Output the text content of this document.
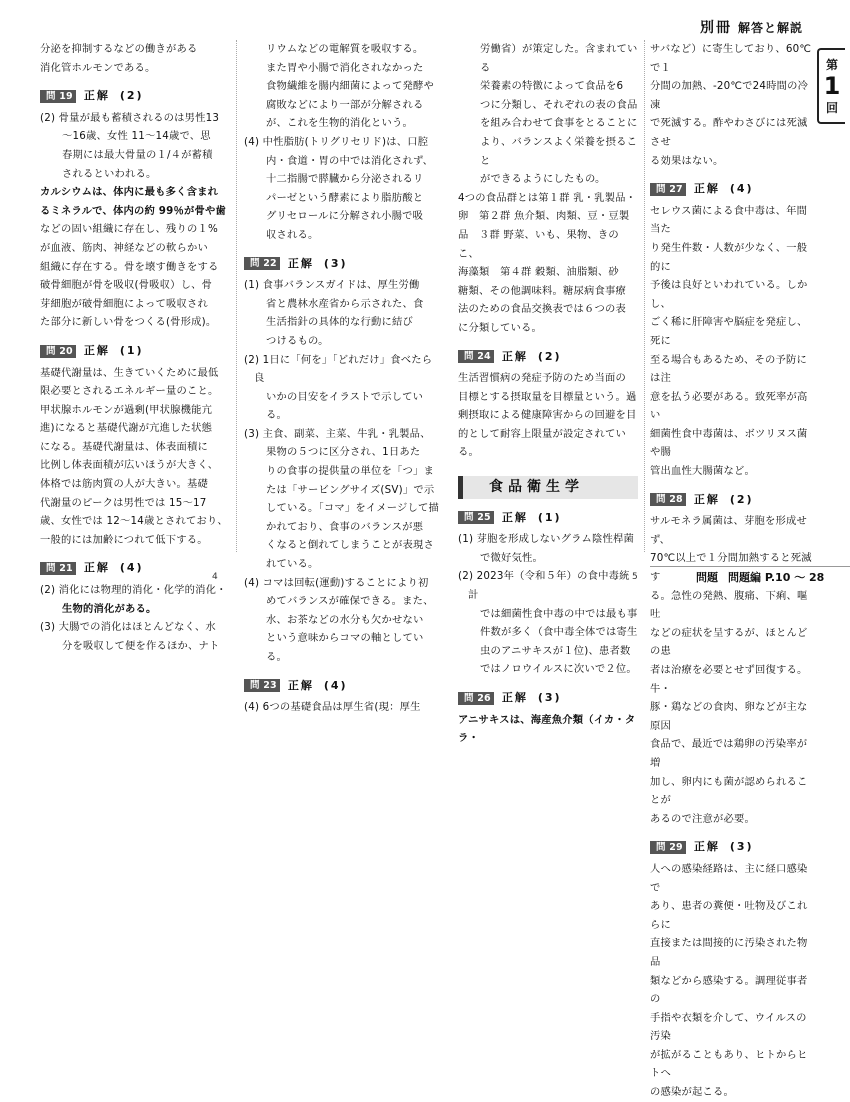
別冊 解答と解説
第
1
回

分泌を抑制するなどの働きがある

消化管ホルモンである。

問 19 正解 (2)

(2) 骨量が最も蓄積されるのは男性13

～16歳、女性 11～14歳で、思

春期には最大骨量の１/４が蓄積

されるといわれる。

カルシウムは、体内に最も多く含まれ

るミネラルで、体内の約 99％が骨や歯

などの固い組織に存在し、残りの１%

が血液、筋肉、神経などの軟らかい

組織に存在する。骨を壊す働きをする

破骨細胞が骨を吸収(骨吸収）し、骨

芽細胞が破骨細胞によって吸収され

た部分に新しい骨をつくる(骨形成)。

問 20 正解 (1)

基礎代謝量は、生きていくために最低

限必要とされるエネルギー量のこと。

甲状腺ホルモンが過剰(甲状腺機能亢

進)になると基礎代謝が亢進した状態

になる。基礎代謝量は、体表面積に

比例し体表面積が広いほうが大きく、

体格では筋肉質の人が大きい。基礎

代謝量のピークは男性では 15～17

歳、女性では 12～14歳とされており、

一般的には加齢につれて低下する。

問 21 正解 (4)

(2) 消化には物理的消化・化学的消化・

生物的消化がある。

(3) 大腸での消化はほとんどなく、水

分を吸収して便を作るほか、ナト

リウムなどの電解質を吸収する。

また胃や小腸で消化されなかった

食物繊維を腸内細菌によって発酵や

腐敗などにより一部が分解される

が、これを生物的消化という。

(4) 中性脂肪(トリグリセリド)は、口腔

内・食道・胃の中では消化されず、

十二指腸で膵臓から分泌されるリ

パーゼという酵素により脂肪酸と

グリセロールに分解され小腸で吸

収される。

問 22 正解 (3)

(1) 食事バランスガイドは、厚生労働

省と農林水産省から示された、食

生活指針の具体的な行動に結び

つけるもの。

(2) 1日に「何を」「どれだけ」食べたら良

いかの目安をイラストで示している。

(3) 主食、副菜、主菜、牛乳・乳製品、

果物の５つに区分され、1日あた

りの食事の提供量の単位を「つ」ま

たは「サービングサイズ(SV)」で示

している。「コマ」をイメージして描

かれており、食事のバランスが悪

くなると倒れてしまうことが表現さ

れている。

(4) コマは回転(運動)することにより初

めてバランスが確保できる。また、

水、お茶などの水分も欠かせない

という意味からコマの軸としている。

問 23 正解 (4)

(4) 6つの基礎食品は厚生省(現：厚生

労働省）が策定した。含まれている

栄養素の特徴によって食品を6

つに分類し、それぞれの表の食品

を組み合わせて食事をとることに

より、バランスよく栄養を摂ること

ができるようにしたもの。

4つの食品群とは第１群 乳・乳製品・

卵　第２群 魚介類、肉類、豆・豆製

品　３群 野菜、いも、果物、きのこ、

海藻類　第４群 穀類、油脂類、砂

糖類、その他調味料。糖尿病食事療

法のための食品交換表では６つの表

に分類している。

問 24 正解 (2)

生活習慣病の発症予防のため当面の

目標とする摂取量を目標量という。過

剰摂取による健康障害からの回避を目

的として耐容上限量が設定されている。

食品衛生学
問 25 正解 (1)

(1) 芽胞を形成しないグラム陰性桿菌

で微好気性。

(2) 2023年（令和５年）の食中毒統計

では細菌性食中毒の中では最も事

件数が多く（食中毒全体では寄生

虫のアニサキスが１位)、患者数

ではノロウイルスに次いで２位。

問 26 正解 (3)

アニサキスは、海産魚介類（イカ・タラ・

サバなど）に寄生しており、60℃で１

分間の加熱、-20℃で24時間の冷凍

で死滅する。酢やわさびには死滅させ

る効果はない。

問 27 正解 (4)

セレウス菌による食中毒は、年間当た

り発生件数・人数が少なく、一般的に

予後は良好といわれている。しかし、

ごく稀に肝障害や脳症を発症し、死に

至る場合もあるため、その予防には注

意を払う必要がある。致死率が高い

細菌性食中毒菌は、ボツリヌス菌や腸

管出血性大腸菌など。

問 28 正解 (2)

サルモネラ属菌は、芽胞を形成せず、

70℃以上で１分間加熱すると死滅す

る。急性の発熱、腹痛、下痢、嘔吐

などの症状を呈するが、ほとんどの患

者は治療を必要とせず回復する。牛・

豚・鶏などの食肉、卵などが主な原因

食品で、最近では鶏卵の汚染率が増

加し、卵内にも菌が認められることが

あるので注意が必要。

問 29 正解 (3)

人への感染経路は、主に経口感染で

あり、患者の糞便・吐物及びこれらに

直接または間接的に汚染された物品

類などから感染する。調理従事者の

手指や衣類を介して、ウイルスの汚染

が拡がることもあり、ヒトからヒトへ

の感染が起こる。

4	5	問題 問題編 P.10 ～ 28
